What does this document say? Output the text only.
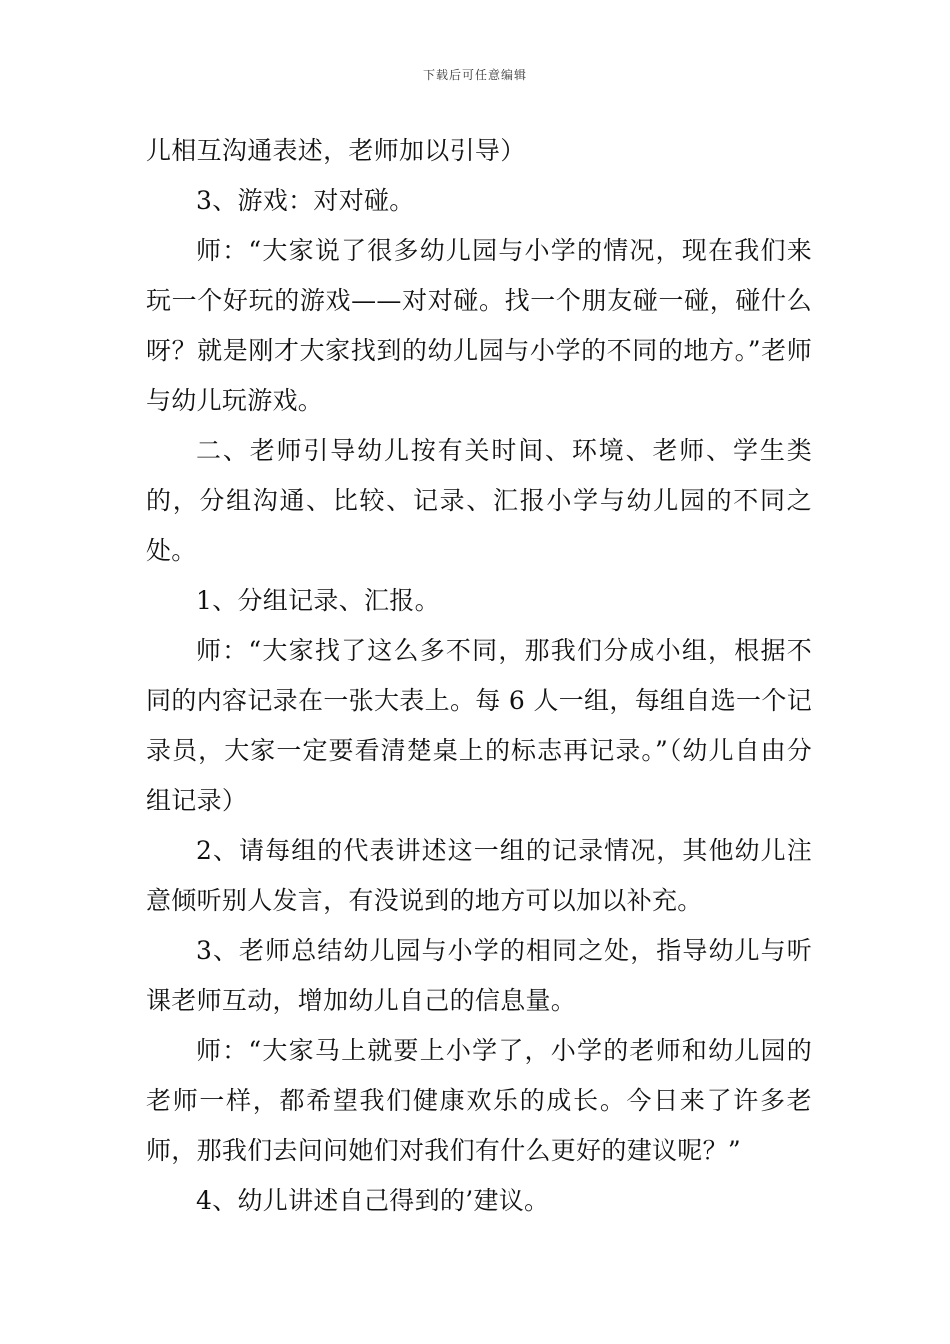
下载后可任意编辑

儿相互沟通表述，老师加以引导）

3、游戏：对对碰。

师：“大家说了很多幼儿园与小学的情况，现在我们来玩一个好玩的游戏——对对碰。找一个朋友碰一碰，碰什么呀？就是刚才大家找到的幼儿园与小学的不同的地方。”老师与幼儿玩游戏。

二、老师引导幼儿按有关时间、环境、老师、学生类的，分组沟通、比较、记录、汇报小学与幼儿园的不同之处。

1、分组记录、汇报。

师：“大家找了这么多不同，那我们分成小组，根据不同的内容记录在一张大表上。每 6 人一组，每组自选一个记录员，大家一定要看清楚桌上的标志再记录。”（幼儿自由分组记录）

2、请每组的代表讲述这一组的记录情况，其他幼儿注意倾听别人发言，有没说到的地方可以加以补充。

3、老师总结幼儿园与小学的相同之处，指导幼儿与听课老师互动，增加幼儿自己的信息量。

师：“大家马上就要上小学了，小学的老师和幼儿园的老师一样，都希望我们健康欢乐的成长。今日来了许多老师，那我们去问问她们对我们有什么更好的建议呢？”

4、幼儿讲述自己得到的’建议。
